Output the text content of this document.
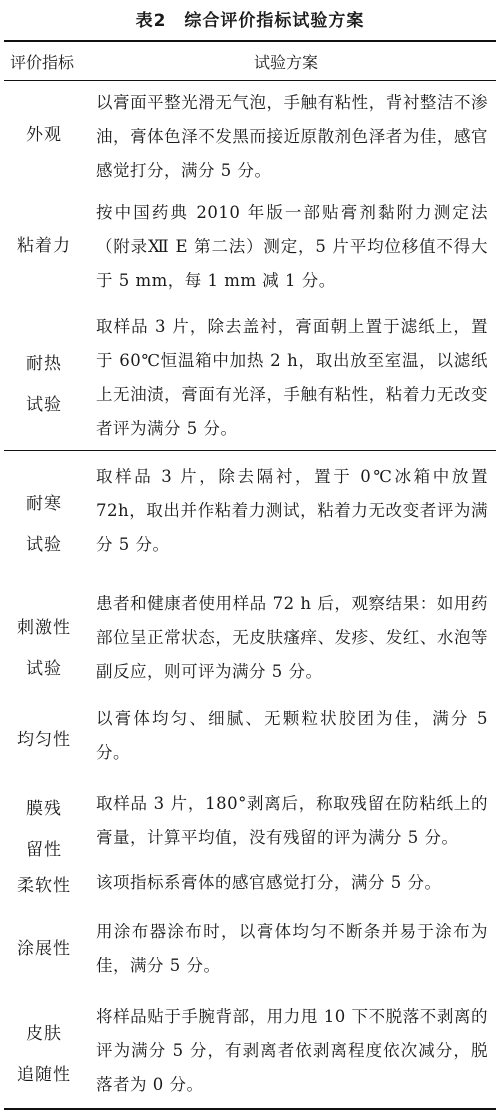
表2　综合评价指标试验方案
评价指标	试验方案
外观
以膏面平整光滑无气泡，手触有粘性，背衬整洁不渗油，膏体色泽不发黑而接近原散剂色泽者为佳，感官感觉打分，满分 5 分。
粘着力
按中国药典 2010 年版一部贴膏剂黏附力测定法（附录Ⅻ E 第二法）测定，5 片平均位移值不得大于 5 mm，每 1 mm 减 1 分。
耐热
试验
取样品 3 片，除去盖衬，膏面朝上置于滤纸上，置于 60℃恒温箱中加热 2 h，取出放至室温，以滤纸上无油渍，膏面有光泽，手触有粘性，粘着力无改变者评为满分 5 分。
耐寒
试验
取样品 3 片，除去隔衬，置于 0℃冰箱中放置 72h，取出并作粘着力测试，粘着力无改变者评为满分 5 分。
刺激性
试验
患者和健康者使用样品 72 h 后，观察结果：如用药部位呈正常状态，无皮肤瘙痒、发疹、发红、水泡等副反应，则可评为满分 5 分。
均匀性
以膏体均匀、细腻、无颗粒状胶团为佳，满分 5 分。
膜残
留性
取样品 3 片，180°剥离后，称取残留在防粘纸上的膏量，计算平均值，没有残留的评为满分 5 分。
柔软性	该项指标系膏体的感官感觉打分，满分 5 分。
涂展性
用涂布器涂布时，以膏体均匀不断条并易于涂布为佳，满分 5 分。
皮肤
追随性
将样品贴于手腕背部，用力甩 10 下不脱落不剥离的评为满分 5 分，有剥离者依剥离程度依次减分，脱落者为 0 分。
